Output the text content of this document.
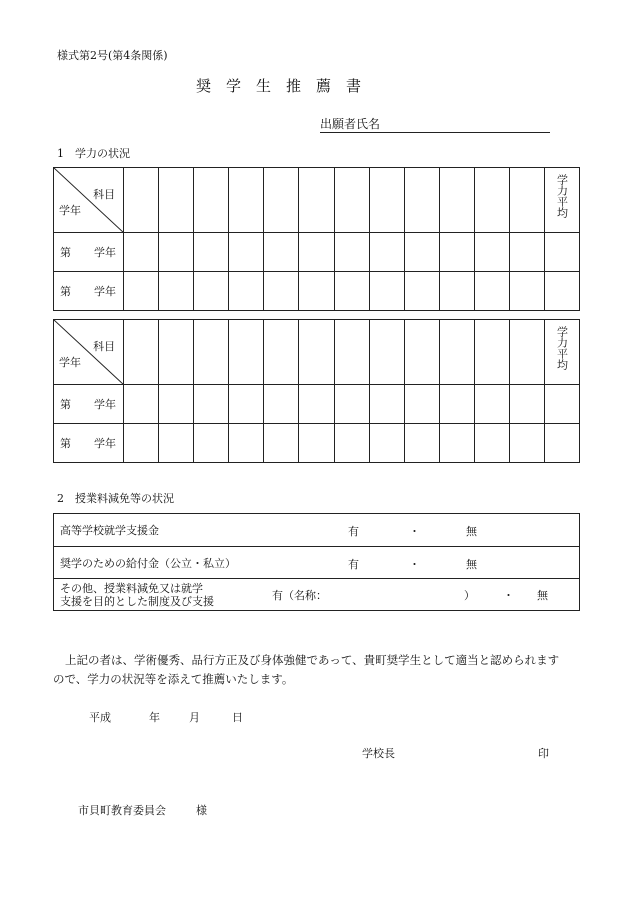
様式第2号(第4条関係)
奨　学　生　推　薦　書
出願者氏名
1　学力の状況
科目
学年													学力平均
第 学年													
第 学年													
科目
学年													学力平均
第 学年													
第 学年													
2　授業料減免等の状況
高等学校就学支援金	有	・	無

奨学のための給付金（公立・私立）	有	・	無

その他、授業料減免又は就学
支援を目的とした制度及び支援	有（名称：	）	・ 無
上記の者は、学術優秀、品行方正及び身体強健であって、貴町奨学生として適当と認められます
ので、学力の状況等を添えて推薦いたします。
平成	年	月	日
学校長	印
市貝町教育委員会	様
